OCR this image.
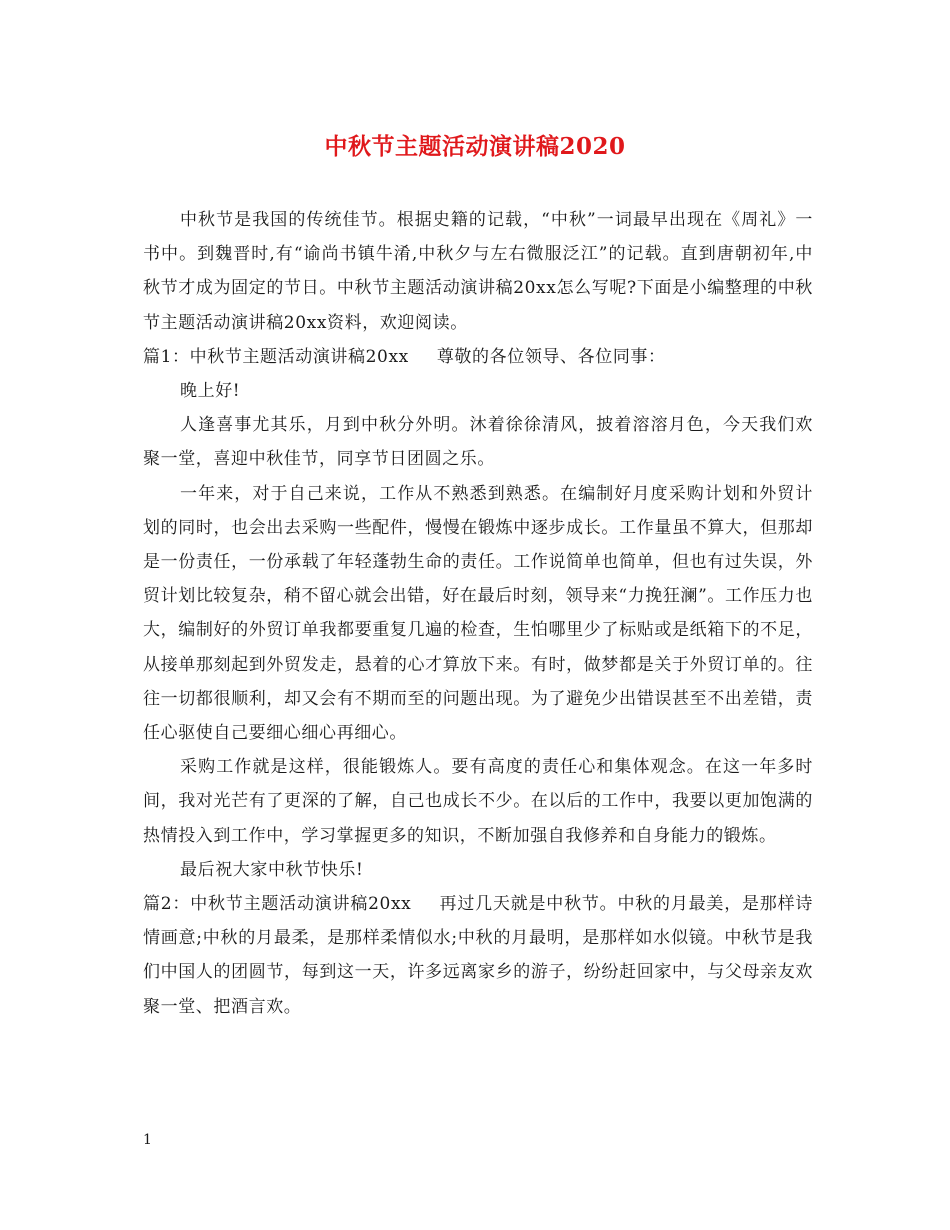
中秋节主题活动演讲稿2020

中秋节是我国的传统佳节。根据史籍的记载，“中秋”一词最早出现在《周礼》一书中。到魏晋时,有“谕尚书镇牛淆,中秋夕与左右微服泛江”的记载。直到唐朝初年,中秋节才成为固定的节日。中秋节主题活动演讲稿20xx怎么写呢?下面是小编整理的中秋节主题活动演讲稿20xx资料，欢迎阅读。

篇1：中秋节主题活动演讲稿20xx 尊敬的各位领导、各位同事：

晚上好!

人逢喜事尤其乐，月到中秋分外明。沐着徐徐清风，披着溶溶月色，今天我们欢聚一堂，喜迎中秋佳节，同享节日团圆之乐。

一年来，对于自己来说，工作从不熟悉到熟悉。在编制好月度采购计划和外贸计划的同时，也会出去采购一些配件，慢慢在锻炼中逐步成长。工作量虽不算大，但那却是一份责任，一份承载了年轻蓬勃生命的责任。工作说简单也简单，但也有过失误，外贸计划比较复杂，稍不留心就会出错，好在最后时刻，领导来“力挽狂澜”。工作压力也大，编制好的外贸订单我都要重复几遍的检查，生怕哪里少了标贴或是纸箱下的不足，从接单那刻起到外贸发走，悬着的心才算放下来。有时，做梦都是关于外贸订单的。往往一切都很顺利，却又会有不期而至的问题出现。为了避免少出错误甚至不出差错，责任心驱使自己要细心细心再细心。

采购工作就是这样，很能锻炼人。要有高度的责任心和集体观念。在这一年多时间，我对光芒有了更深的了解，自己也成长不少。在以后的工作中，我要以更加饱满的热情投入到工作中，学习掌握更多的知识，不断加强自我修养和自身能力的锻炼。

最后祝大家中秋节快乐!

篇2：中秋节主题活动演讲稿20xx 再过几天就是中秋节。中秋的月最美，是那样诗情画意;中秋的月最柔，是那样柔情似水;中秋的月最明，是那样如水似镜。中秋节是我们中国人的团圆节，每到这一天，许多远离家乡的游子，纷纷赶回家中，与父母亲友欢聚一堂、把酒言欢。

1
